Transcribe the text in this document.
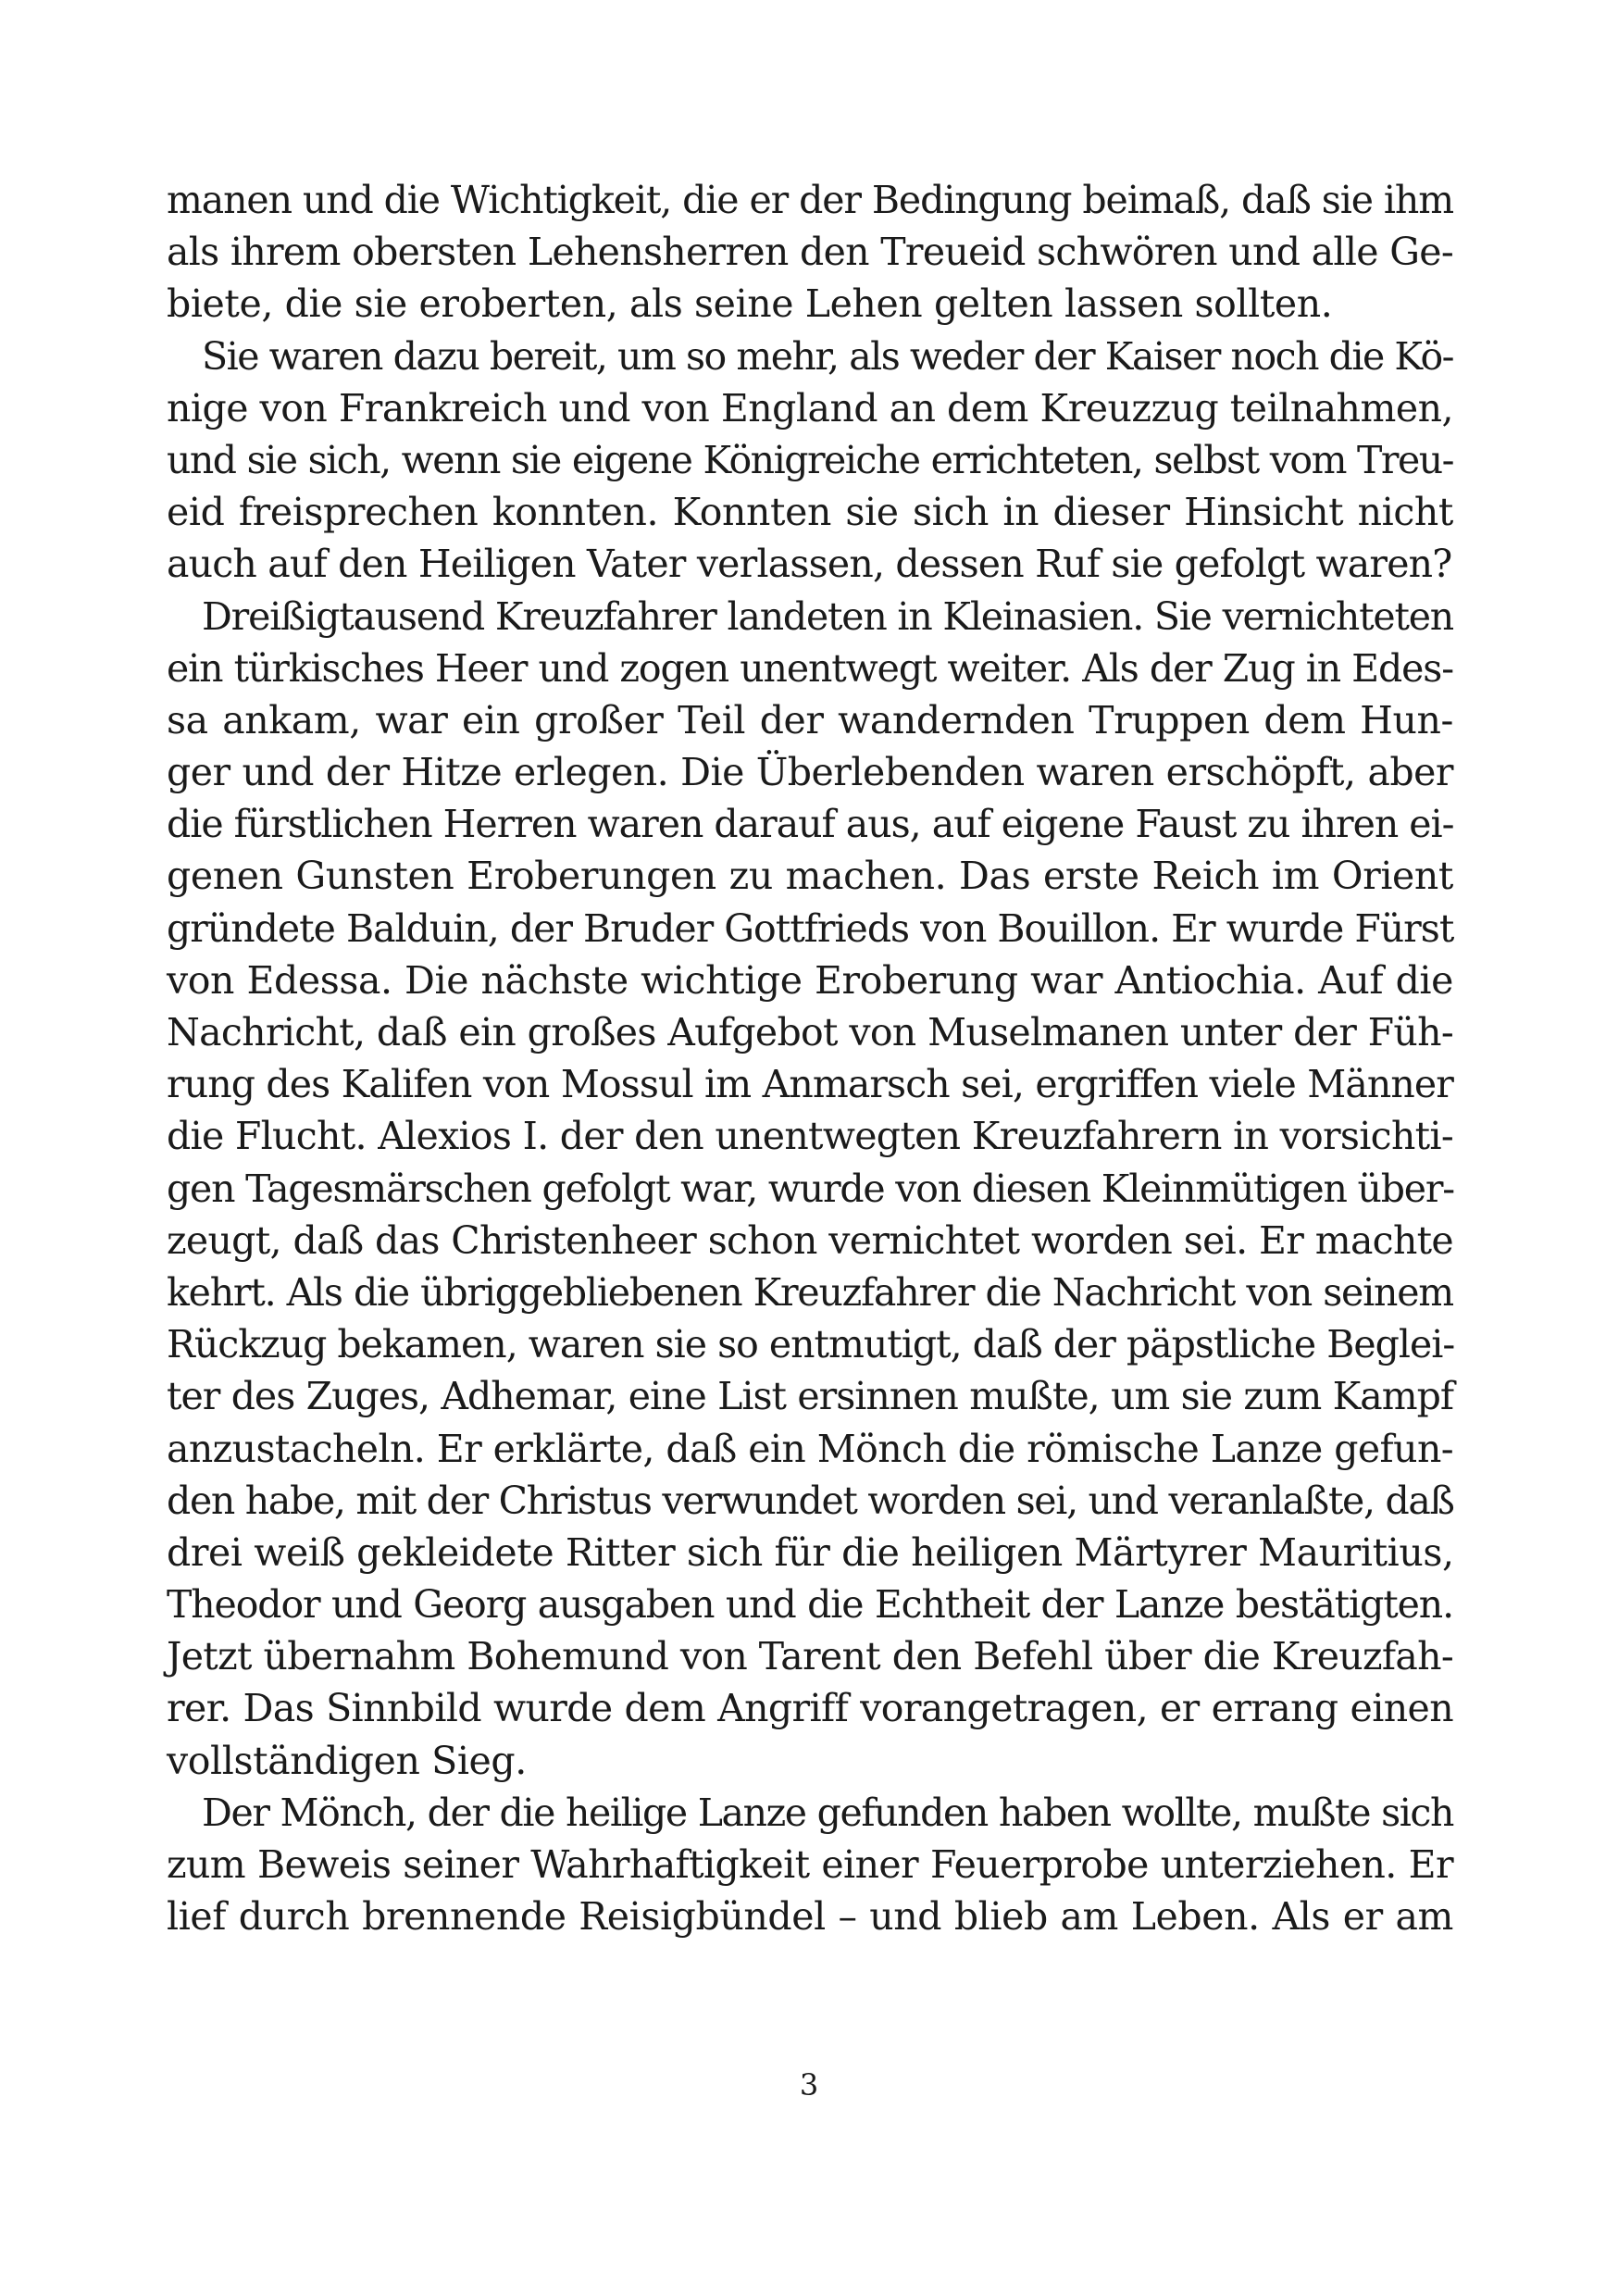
manen und die Wichtigkeit, die er der Bedingung beimaß, daß sie ihm
als ihrem obersten Lehensherren den Treueid schwören und alle Ge-
biete, die sie eroberten, als seine Lehen gelten lassen sollten.
Sie waren dazu bereit, um so mehr, als weder der Kaiser noch die Kö-
nige von Frankreich und von England an dem Kreuzzug teilnahmen,
und sie sich, wenn sie eigene Königreiche errichteten, selbst vom Treu-
eid freisprechen konnten. Konnten sie sich in dieser Hinsicht nicht
auch auf den Heiligen Vater verlassen, dessen Ruf sie gefolgt waren?
Dreißigtausend Kreuzfahrer landeten in Kleinasien. Sie vernichteten
ein türkisches Heer und zogen unentwegt weiter. Als der Zug in Edes-
sa ankam, war ein großer Teil der wandernden Truppen dem Hun-
ger und der Hitze erlegen. Die Überlebenden waren erschöpft, aber
die fürstlichen Herren waren darauf aus, auf eigene Faust zu ihren ei-
genen Gunsten Eroberungen zu machen. Das erste Reich im Orient
gründete Balduin, der Bruder Gottfrieds von Bouillon. Er wurde Fürst
von Edessa. Die nächste wichtige Eroberung war Antiochia. Auf die
Nachricht, daß ein großes Aufgebot von Muselmanen unter der Füh-
rung des Kalifen von Mossul im Anmarsch sei, ergriffen viele Männer
die Flucht. Alexios I. der den unentwegten Kreuzfahrern in vorsichti-
gen Tagesmärschen gefolgt war, wurde von diesen Kleinmütigen über-
zeugt, daß das Christenheer schon vernichtet worden sei. Er machte
kehrt. Als die übriggebliebenen Kreuzfahrer die Nachricht von seinem
Rückzug bekamen, waren sie so entmutigt, daß der päpstliche Beglei-
ter des Zuges, Adhemar, eine List ersinnen mußte, um sie zum Kampf
anzustacheln. Er erklärte, daß ein Mönch die römische Lanze gefun-
den habe, mit der Christus verwundet worden sei, und veranlaßte, daß
drei weiß gekleidete Ritter sich für die heiligen Märtyrer Mauritius,
Theodor und Georg ausgaben und die Echtheit der Lanze bestätigten.
Jetzt übernahm Bohemund von Tarent den Befehl über die Kreuzfah-
rer. Das Sinnbild wurde dem Angriff vorangetragen, er errang einen
vollständigen Sieg.
Der Mönch, der die heilige Lanze gefunden haben wollte, mußte sich
zum Beweis seiner Wahrhaftigkeit einer Feuerprobe unterziehen. Er
lief durch brennende Reisigbündel – und blieb am Leben. Als er am
3
